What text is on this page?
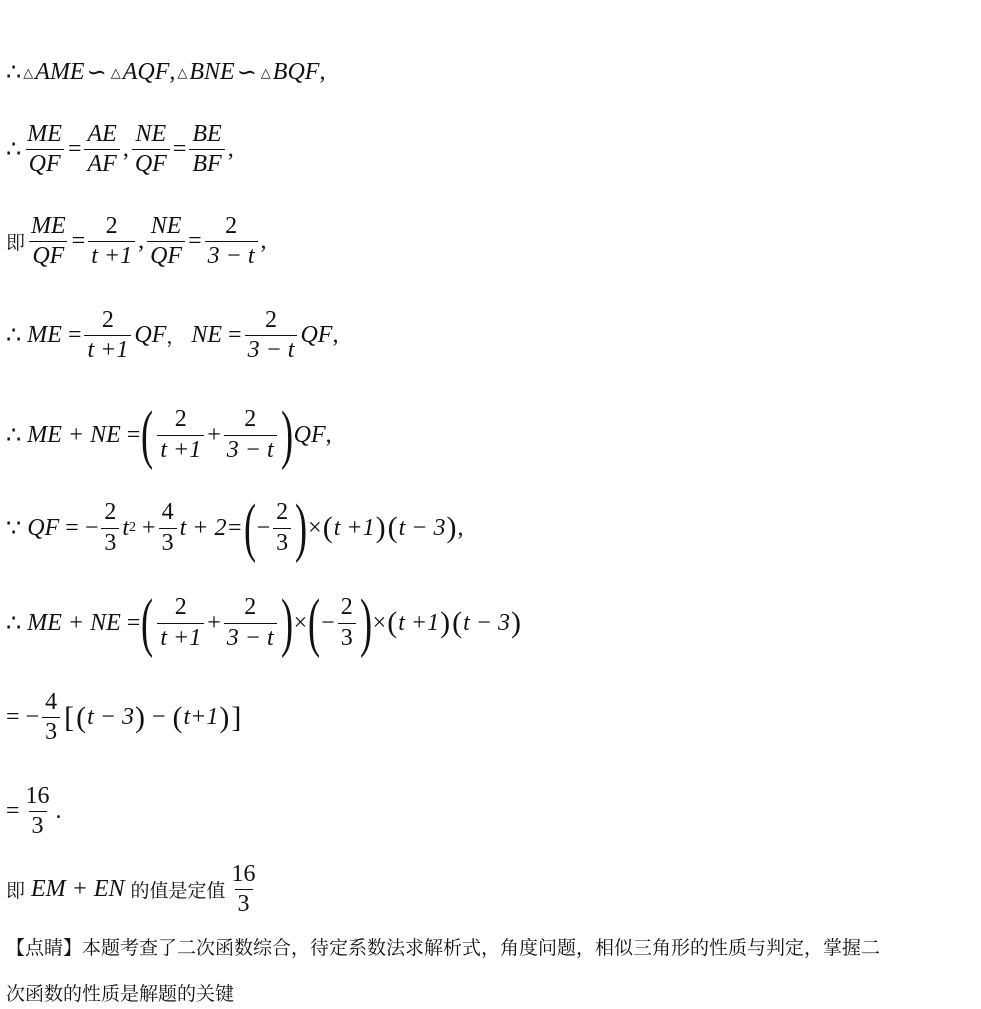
∴ △ AME ∽ △ AQF , △ BNE ∽ △ BQF ,
∴ $\frac{ME}{QF} = \frac{AE}{AF}$ , $\frac{NE}{QF} = \frac{BE}{BF}$ ,
即 $\frac{ME}{QF} = \frac{2}{t +1}$ , $\frac{NE}{QF} = \frac{2}{3 - t}$ ,
∴ ME = $\frac{2}{t +1}$ QF ， NE = $\frac{2}{3 - t}$ QF ,
∴ ME + NE = ( $\frac{2}{t +1} + \frac{2}{3 - t}$ ) QF ,
∵ QF = − $\frac{2}{3}$ t $2 + \frac{4}{3}$ t + 2= ( − $\frac{2}{3}$ ) × ( t +1 ) ( t − 3 ) ,
∴ ME + NE = ( $\frac{2}{t +1} + \frac{2}{3 - t}$ ) × ( − $\frac{2}{3}$ ) × ( t +1 ) ( t − 3 )
= − $\frac{4}{3}$ [ ( t − 3 ) − ( t+1 ) ]
= $\frac{16}{3}$ .
即 EM + EN 的值是定值 $\frac{16}{3}$
【点睛】本题考查了二次函数综合，待定系数法求解析式，角度问题，相似三角形的性质与判定，掌握二
次函数的性质是解题的关键
